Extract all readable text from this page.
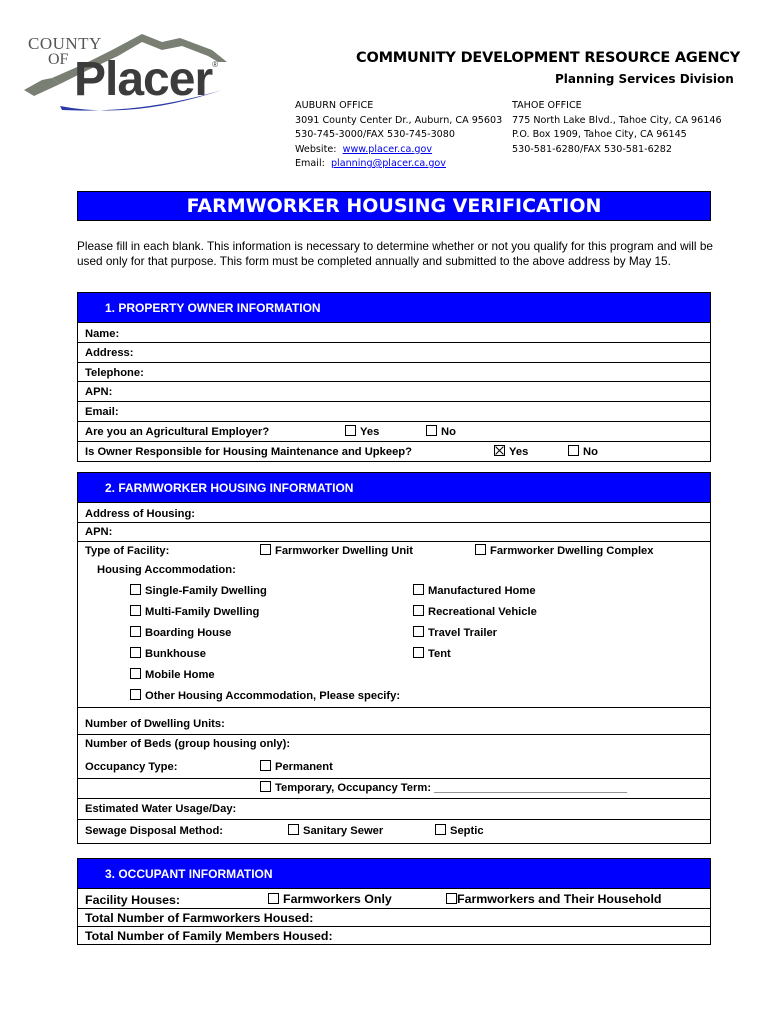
COUNTY
OF Placer®	COMMUNITY DEVELOPMENT RESOURCE AGENCY
Planning Services Division
AUBURN OFFICE
3091 County Center Dr., Auburn, CA 95603
530-745-3000/FAX 530-745-3080
Website: www.placer.ca.gov
Email: planning@placer.ca.gov
TAHOE OFFICE
775 North Lake Blvd., Tahoe City, CA 96146
P.O. Box 1909, Tahoe City, CA 96145
530-581-6280/FAX 530-581-6282
FARMWORKER HOUSING VERIFICATION
Please fill in each blank. This information is necessary to determine whether or not you qualify for this program and will be used only for that purpose. This form must be completed annually and submitted to the above address by May 15.
1. PROPERTY OWNER INFORMATION
Name:
Address:
Telephone:
APN:
Email:
Are you an Agricultural Employer?	Yes	No
Is Owner Responsible for Housing Maintenance and Upkeep?	Yes	No
2. FARMWORKER HOUSING INFORMATION
Address of Housing:
APN:
Type of Facility:	Farmworker Dwelling Unit	Farmworker Dwelling Complex
Housing Accommodation:
Single-Family Dwelling
Multi-Family Dwelling
Boarding House
Bunkhouse
Mobile Home
Other Housing Accommodation, Please specify:
Manufactured Home
Recreational Vehicle
Travel Trailer
Tent
Number of Dwelling Units:
Number of Beds (group housing only):
Occupancy Type:	Permanent
Temporary, Occupancy Term: _______________________________
Estimated Water Usage/Day:
Sewage Disposal Method:	Sanitary Sewer	Septic
3. OCCUPANT INFORMATION
Facility Houses:	Farmworkers Only	Farmworkers and Their Household
Total Number of Farmworkers Housed:
Total Number of Family Members Housed:
